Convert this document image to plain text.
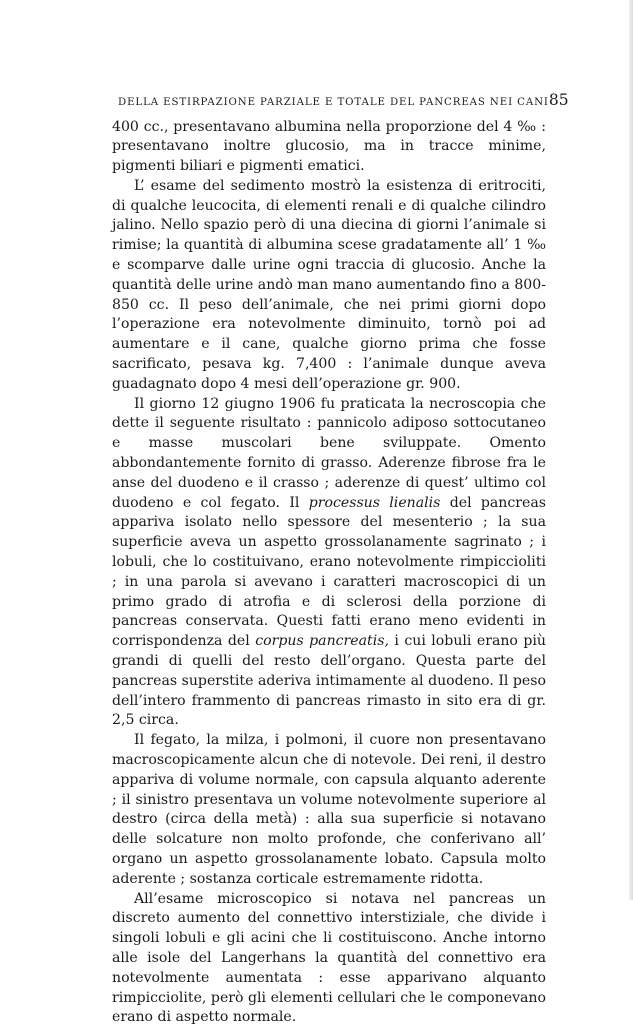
DELLA ESTIRPAZIONE PARZIALE E TOTALE DEL PANCREAS NEI CANI 85

400 cc., presentavano albumina nella proporzione del 4 ‰ : presentavano inoltre glucosio, ma in tracce minime, pigmenti biliari e pigmenti ematici.

L’ esame del sedimento mostrò la esistenza di eritrociti, di qualche leucocita, di elementi renali e di qualche cilindro jalino. Nello spazio però di una diecina di giorni l’animale si rimise; la quantità di albumina scese gradatamente all’ 1 ‰ e scomparve dalle urine ogni traccia di glucosio. Anche la quantità delle urine andò man mano aumentando fino a 800-850 cc. Il peso dell’animale, che nei primi giorni dopo l’operazione era notevolmente diminuito, tornò poi ad aumentare e il cane, qualche giorno prima che fosse sacrificato, pesava kg. 7,400 : l’animale dunque aveva guadagnato dopo 4 mesi dell’operazione gr. 900.

Il giorno 12 giugno 1906 fu praticata la necroscopia che dette il seguente risultato : pannicolo adiposo sottocutaneo e masse muscolari bene sviluppate. Omento abbondantemente fornito di grasso. Aderenze fibrose fra le anse del duodeno e il crasso ; aderenze di quest’ ultimo col duodeno e col fegato. Il processus lienalis del pancreas appariva isolato nello spessore del mesenterio ; la sua superficie aveva un aspetto grossolanamente sagrinato ; i lobuli, che lo costituivano, erano notevolmente rimpiccioliti ; in una parola si avevano i caratteri macroscopici di un primo grado di atrofia e di sclerosi della porzione di pancreas conservata. Questi fatti erano meno evidenti in corrispondenza del corpus pancreatis, i cui lobuli erano più grandi di quelli del resto dell’organo. Questa parte del pancreas superstite aderiva intimamente al duodeno. Il peso dell’intero frammento di pancreas rimasto in sito era di gr. 2,5 circa.

Il fegato, la milza, i polmoni, il cuore non presentavano macroscopicamente alcun che di notevole. Dei reni, il destro appariva di volume normale, con capsula alquanto aderente ; il sinistro presentava un volume notevolmente superiore al destro (circa della metà) : alla sua superficie si notavano delle solcature non molto profonde, che conferivano all’ organo un aspetto grossolanamente lobato. Capsula molto aderente ; sostanza corticale estremamente ridotta.

All’esame microscopico si notava nel pancreas un discreto aumento del connettivo interstiziale, che divide i singoli lobuli e gli acini che li costituiscono. Anche intorno alle isole del Langerhans la quantità del connettivo era notevolmente aumentata : esse apparivano alquanto rimpicciolite, però gli elementi cellulari che le componevano erano di aspetto normale.
